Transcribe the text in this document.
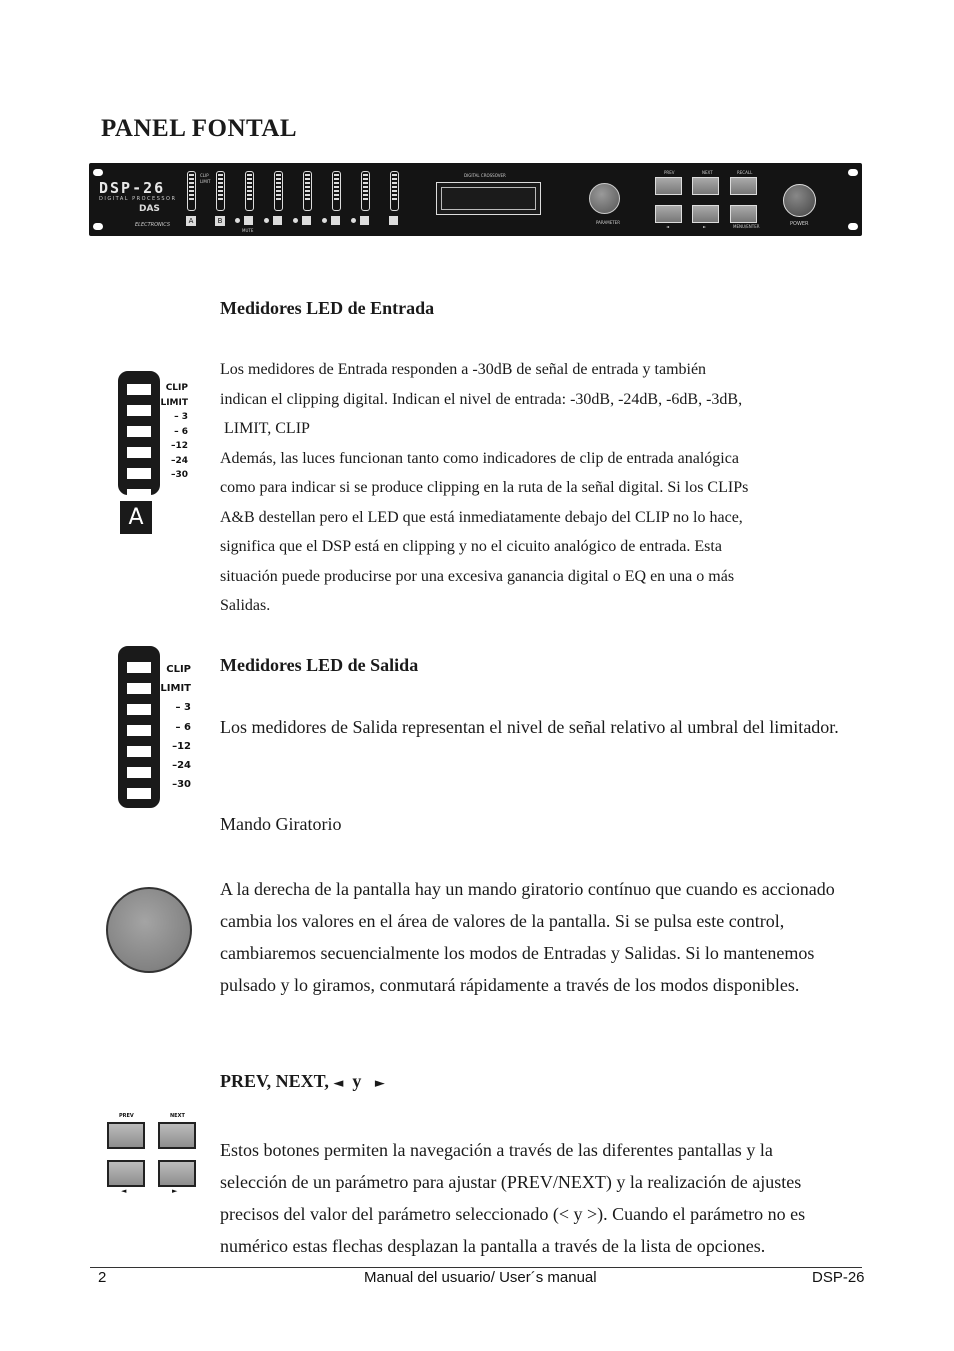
PANEL FONTAL
DSP-26
DIGITAL PROCESSOR
DAS
ELECTRONICS
CLIP
LIMIT
A	B
MUTE
DIGITAL CROSSOVER
PARAMETER
PREV	NEXT	RECALL
◄	►	MENU/ENTER	POWER
Medidores LED de Entrada
CLIP
LIMIT
– 3
– 6
–12
–24
–30
A
Los medidores de Entrada responden a -30dB de señal de entrada y también
indican el clipping digital. Indican el nivel de entrada: -30dB, -24dB, -6dB, -3dB,
LIMIT, CLIP
Además, las luces funcionan tanto como indicadores de clip de entrada analógica
como para indicar si se produce clipping en la ruta de la señal digital. Si los CLIPs
A&B destellan pero el LED que está inmediatamente debajo del CLIP no lo hace,
significa que el DSP está en clipping y no el cicuito analógico de entrada. Esta
situación puede producirse por una excesiva ganancia digital o EQ en una o más
Salidas.
CLIP
LIMIT
– 3
– 6
–12
–24
–30
Medidores LED de Salida
Los medidores de Salida representan el nivel de señal relativo al umbral del limitador.
Mando Giratorio
A la derecha de la pantalla hay un mando giratorio contínuo que cuando es accionado
cambia los valores en el área de valores de la pantalla. Si se pulsa este control,
cambiaremos secuencialmente los modos de Entradas y Salidas. Si lo mantenemos
pulsado y lo giramos, conmutará rápidamente a través de los modos disponibles.
PREV, NEXT, ◄ y ►
PREV	NEXT
◄	►
Estos botones permiten la navegación a través de las diferentes pantallas y la
selección de un parámetro para ajustar (PREV/NEXT) y la realización de ajustes
precisos del valor del parámetro seleccionado (< y >). Cuando el parámetro no es
numérico estas flechas desplazan la pantalla a través de la lista de opciones.
2	Manual del usuario/ User´s manual	DSP-26
